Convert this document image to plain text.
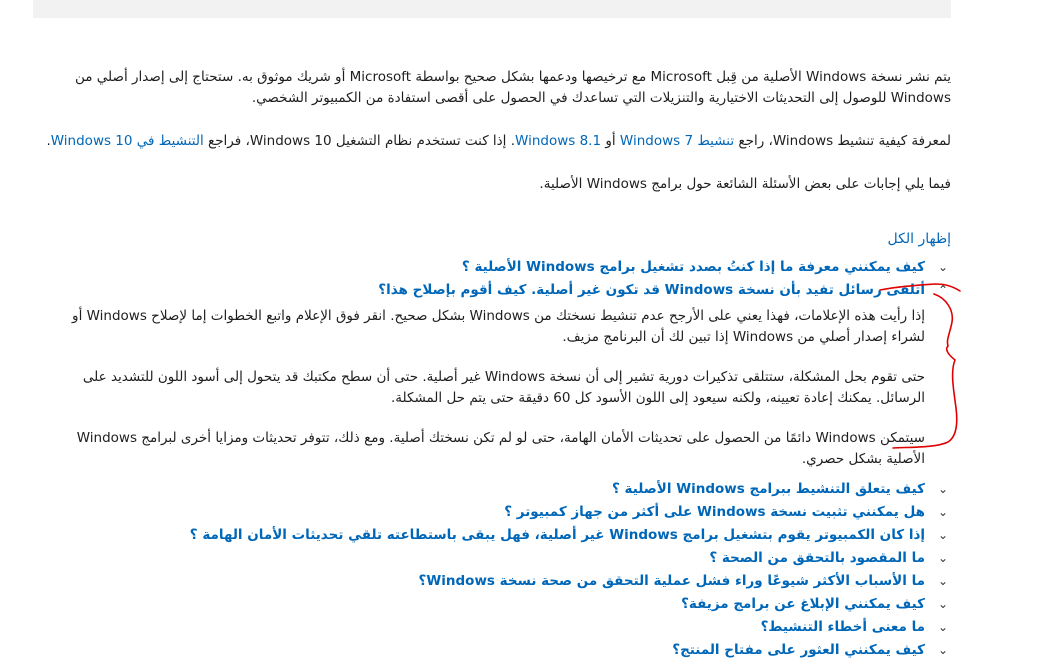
يتم نشر نسخة Windows الأصلية من قِبل Microsoft مع ترخيصها ودعمها بشكل صحيح بواسطة Microsoft أو شريك موثوق به. ستحتاج إلى إصدار أصلي من Windows للوصول إلى التحديثات الاختيارية والتنزيلات التي تساعدك في الحصول على أقصى استفادة من الكمبيوتر الشخصي.

لمعرفة كيفية تنشيط Windows، راجع تنشيط Windows 7 أو Windows 8.1. إذا كنت تستخدم نظام التشغيل Windows 10، فراجع التنشيط في Windows 10.

فيما يلي إجابات على بعض الأسئلة الشائعة حول برامج Windows الأصلية.

إظهار الكل
⌄
كيف يمكنني معرفة ما إذا كنتُ بصدد تشغيل برامج Windows الأصلية ؟
⌃
أتلقى رسائل تفيد بأن نسخة Windows قد تكون غير أصلية. كيف أقوم بإصلاح هذا؟

إذا رأيت هذه الإعلامات، فهذا يعني على الأرجح عدم تنشيط نسختك من Windows بشكل صحيح. انقر فوق الإعلام واتبع الخطوات إما لإصلاح Windows أو لشراء إصدار أصلي من Windows إذا تبين لك أن البرنامج مزيف.

حتى تقوم بحل المشكلة، ستتلقى تذكيرات دورية تشير إلى أن نسخة Windows غير أصلية. حتى أن سطح مكتبك قد يتحول إلى أسود اللون للتشديد على الرسائل. يمكنك إعادة تعيينه، ولكنه سيعود إلى اللون الأسود كل 60 دقيقة حتى يتم حل المشكلة.

سيتمكن Windows دائمًا من الحصول على تحديثات الأمان الهامة، حتى لو لم تكن نسختك أصلية. ومع ذلك، تتوفر تحديثات ومزايا أخرى لبرامج Windows الأصلية بشكل حصري.

⌄
كيف يتعلق التنشيط ببرامج Windows الأصلية ؟
⌄
هل يمكنني تثبيت نسخة Windows على أكثر من جهاز كمبيوتر ؟
⌄
إذا كان الكمبيوتر يقوم بتشغيل برامج Windows غير أصلية، فهل يبقى باستطاعته تلقي تحديثات الأمان الهامة ؟
⌄
ما المقصود بالتحقق من الصحة ؟
⌄
ما الأسباب الأكثر شيوعًا وراء فشل عملية التحقق من صحة نسخة Windows؟
⌄
كيف يمكنني الإبلاغ عن برامج مزيفة؟
⌄
ما معنى أخطاء التنشيط؟
⌄
كيف يمكنني العثور على مفتاح المنتج؟
